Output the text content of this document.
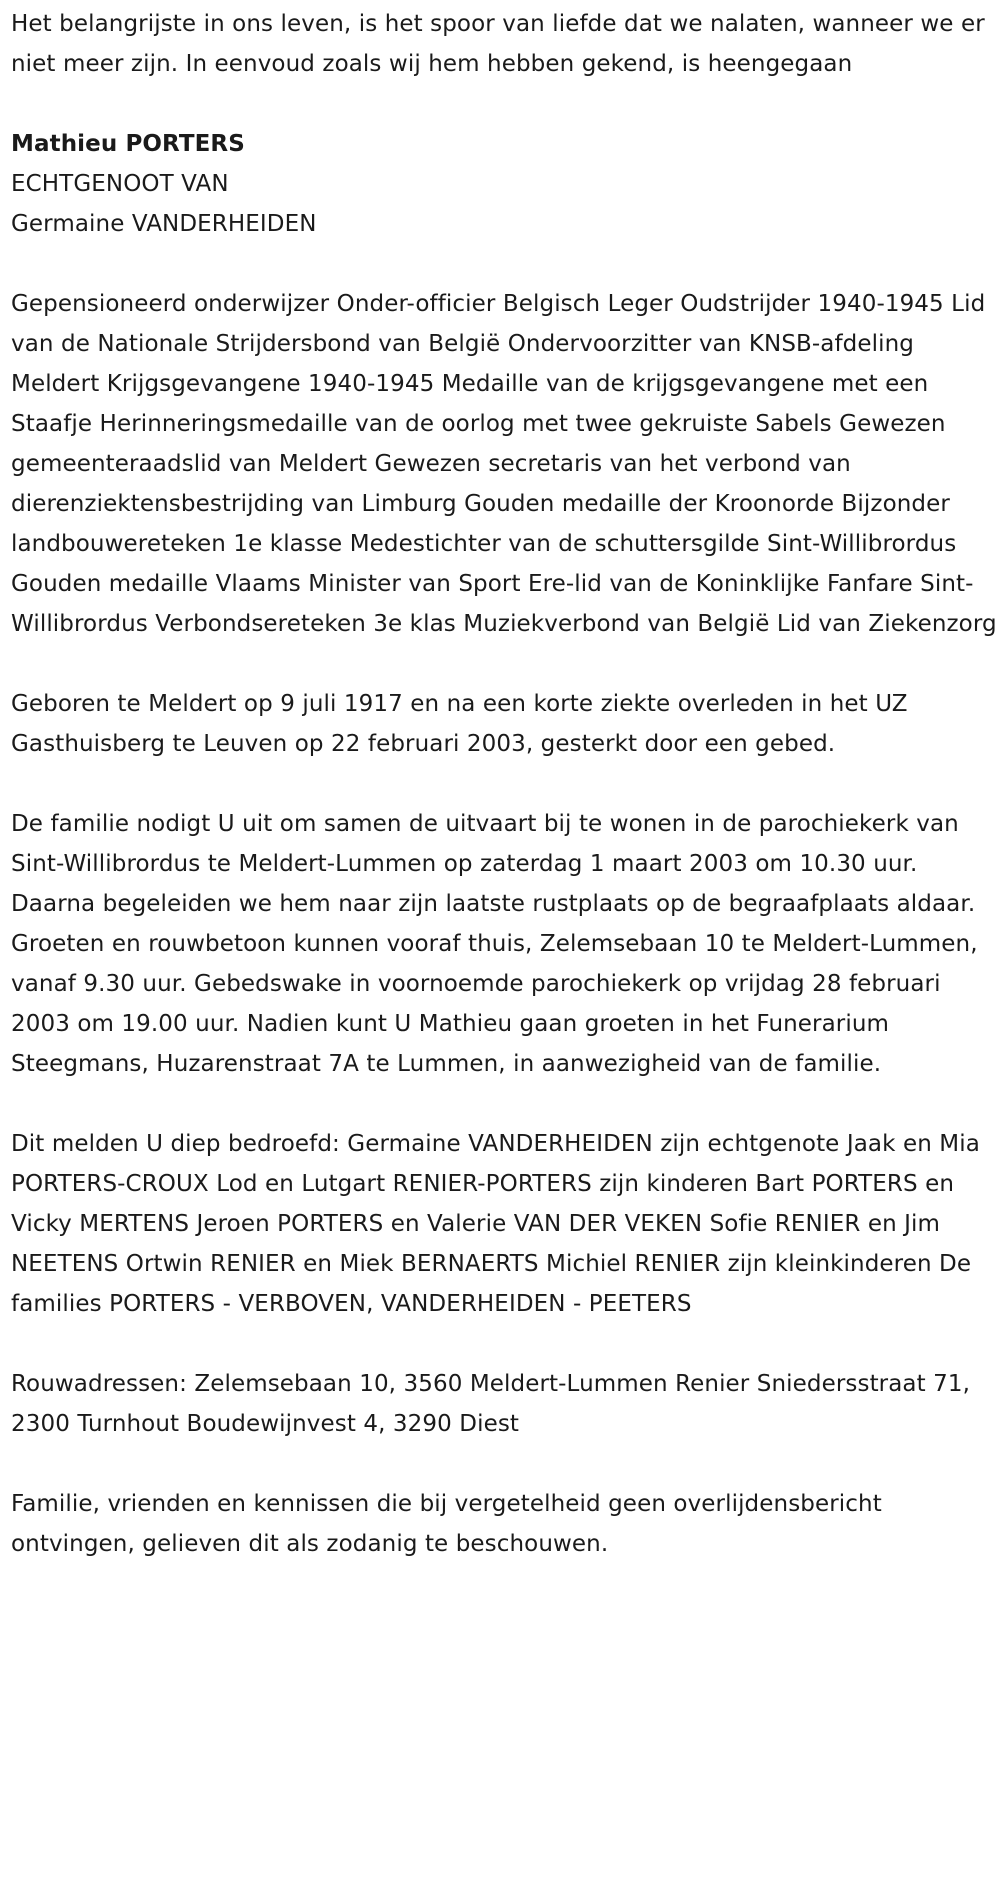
Het belangrijste in ons leven, is het spoor van liefde dat we nalaten, wanneer we er niet meer zijn. In eenvoud zoals wij hem hebben gekend, is heengegaan

Mathieu PORTERS

ECHTGENOOT VAN

Germaine VANDERHEIDEN

Gepensioneerd onderwijzer Onder-officier Belgisch Leger Oudstrijder 1940-1945 Lid van de Nationale Strijdersbond van België Ondervoorzitter van KNSB-afdeling Meldert Krijgsgevangene 1940-1945 Medaille van de krijgsgevangene met een Staafje Herinneringsmedaille van de oorlog met twee gekruiste Sabels Gewezen gemeenteraadslid van Meldert Gewezen secretaris van het verbond van dierenziektensbestrijding van Limburg Gouden medaille der Kroonorde Bijzonder landbouwereteken 1e klasse Medestichter van de schuttersgilde Sint-Willibrordus Gouden medaille Vlaams Minister van Sport Ere-lid van de Koninklijke Fanfare Sint-Willibrordus Verbondsereteken 3e klas Muziekverbond van België Lid van Ziekenzorg

Geboren te Meldert op 9 juli 1917 en na een korte ziekte overleden in het UZ Gasthuisberg te Leuven op 22 februari 2003, gesterkt door een gebed.

De familie nodigt U uit om samen de uitvaart bij te wonen in de parochiekerk van Sint-Willibrordus te Meldert-Lummen op zaterdag 1 maart 2003 om 10.30 uur. Daarna begeleiden we hem naar zijn laatste rustplaats op de begraafplaats aldaar. Groeten en rouwbetoon kunnen vooraf thuis, Zelemsebaan 10 te Meldert-Lummen, vanaf 9.30 uur. Gebedswake in voornoemde parochiekerk op vrijdag 28 februari 2003 om 19.00 uur. Nadien kunt U Mathieu gaan groeten in het Funerarium Steegmans, Huzarenstraat 7A te Lummen, in aanwezigheid van de familie.

Dit melden U diep bedroefd: Germaine VANDERHEIDEN zijn echtgenote Jaak en Mia PORTERS-CROUX Lod en Lutgart RENIER-PORTERS zijn kinderen Bart PORTERS en Vicky MERTENS Jeroen PORTERS en Valerie VAN DER VEKEN Sofie RENIER en Jim NEETENS Ortwin RENIER en Miek BERNAERTS Michiel RENIER zijn kleinkinderen De families PORTERS - VERBOVEN, VANDERHEIDEN - PEETERS

Rouwadressen: Zelemsebaan 10, 3560 Meldert-Lummen Renier Sniedersstraat 71, 2300 Turnhout Boudewijnvest 4, 3290 Diest

Familie, vrienden en kennissen die bij vergetelheid geen overlijdensbericht ontvingen, gelieven dit als zodanig te beschouwen.
